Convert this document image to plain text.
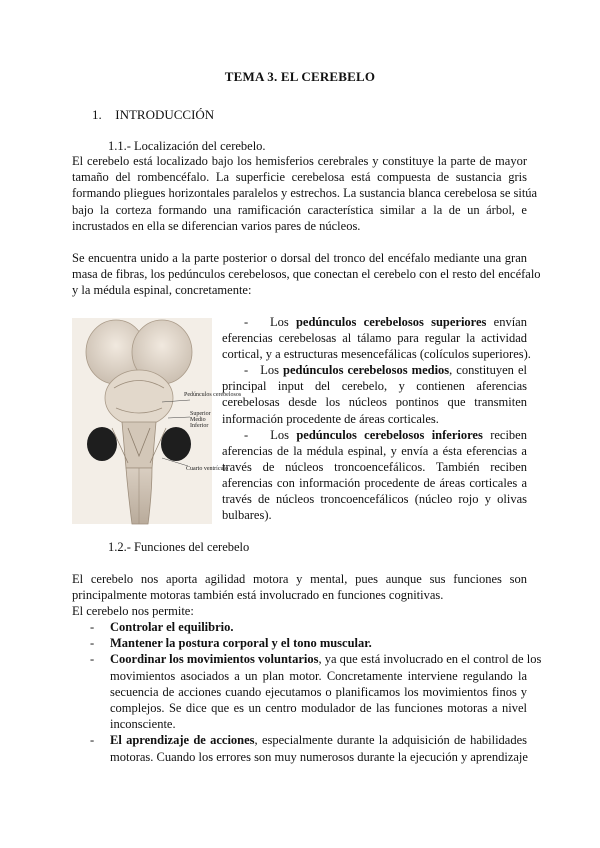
TEMA 3. EL CEREBELO
1. INTRODUCCIÓN
1.1.- Localización del cerebelo.
El cerebelo está localizado bajo los hemisferios cerebrales y constituye la parte de mayor
tamaño del rombencéfalo. La superficie cerebelosa está compuesta de sustancia gris
formando pliegues horizontales paralelos y estrechos. La sustancia blanca cerebelosa se sitúa
bajo la corteza formando una ramificación característica similar a la de un árbol, e
incrustados en ella se diferencian varios pares de núcleos.
Se encuentra unido a la parte posterior o dorsal del tronco del encéfalo mediante una gran
masa de fibras, los pedúnculos cerebelosos, que conectan el cerebelo con el resto del encéfalo
y la médula espinal, concretamente:
Pedúnculos cerebelosos
Superior
Medio
Inferior
Cuarto ventrículo
-   Los pedúnculos cerebelosos superiores envían
eferencias cerebelosas al tálamo para regular la actividad
cortical, y a estructuras mesencefálicas (colículos superiores).
-   Los pedúnculos cerebelosos medios, constituyen el
principal input del cerebelo, y contienen aferencias
cerebelosas desde los núcleos pontinos que transmiten
información procedente de áreas corticales.
-   Los pedúnculos cerebelosos inferiores reciben
aferencias de la médula espinal, y envía a ésta eferencias a
través de núcleos troncoencefálicos. También reciben
aferencias con información procedente de áreas corticales a
través de núcleos troncoencefálicos (núcleo rojo y olivas
bulbares).
1.2.- Funciones del cerebelo
El cerebelo nos aporta agilidad motora y mental, pues aunque sus funciones son
principalmente motoras también está involucrado en funciones cognitivas.
El cerebelo nos permite:
- Controlar el equilibrio.
- Mantener la postura corporal y el tono muscular.
- Coordinar los movimientos voluntarios, ya que está involucrado en el control de los
movimientos asociados a un plan motor. Concretamente interviene regulando la
secuencia de acciones cuando ejecutamos o planificamos los movimientos finos y
complejos. Se dice que es un centro modulador de las funciones motoras a nivel
inconsciente.
- El aprendizaje de acciones, especialmente durante la adquisición de habilidades
motoras. Cuando los errores son muy numerosos durante la ejecución y aprendizaje
